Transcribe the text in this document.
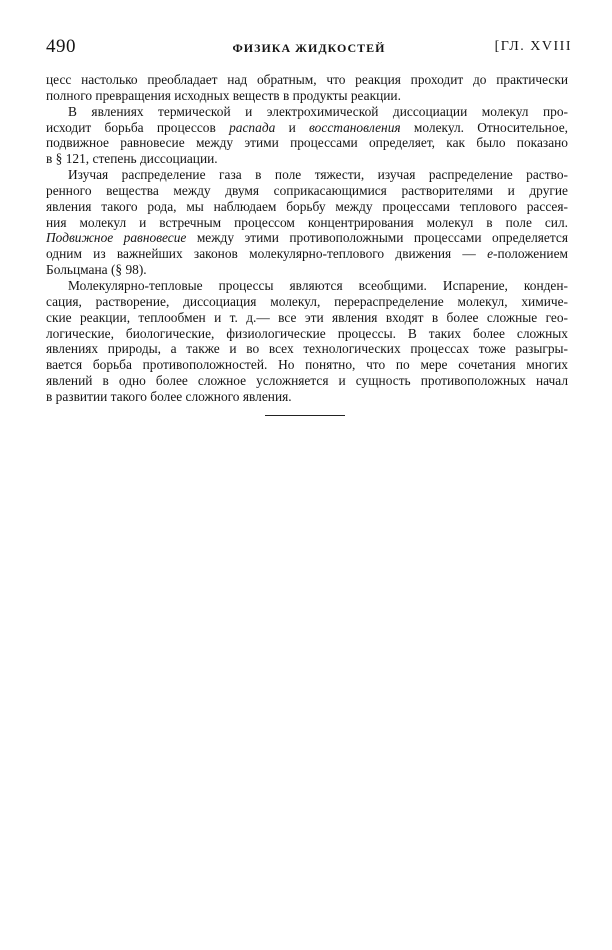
490	ФИЗИКА ЖИДКОСТЕЙ	[ГЛ. XVIII

цесс настолько преобладает над обратным, что реакция проходит до практически
полного превращения исходных веществ в продукты реакции.

В явлениях термической и электрохимической диссоциации молекул про-
исходит борьба процессов распада и восстановления молекул. Относительное,
подвижное равновесие между этими процессами определяет, как было показано
в § 121, степень диссоциации.

Изучая распределение газа в поле тяжести, изучая распределение раство-
ренного вещества между двумя соприкасающимися растворителями и другие
явления такого рода, мы наблюдаем борьбу между процессами теплового рассея-
ния молекул и встречным процессом концентрирования молекул в поле сил.
Подвижное равновесие между этими противоположными процессами определяется
одним из важнейших законов молекулярно-теплового движения — e-положением
Больцмана (§ 98).

Молекулярно-тепловые процессы являются всеобщими. Испарение, конден-
сация, растворение, диссоциация молекул, перераспределение молекул, химиче-
ские реакции, теплообмен и т. д.— все эти явления входят в более сложные гео-
логические, биологические, физиологические процессы. В таких более сложных
явлениях природы, а также и во всех технологических процессах тоже разыгры-
вается борьба противоположностей. Но понятно, что по мере сочетания многих
явлений в одно более сложное усложняется и сущность противоположных начал
в развитии такого более сложного явления.
